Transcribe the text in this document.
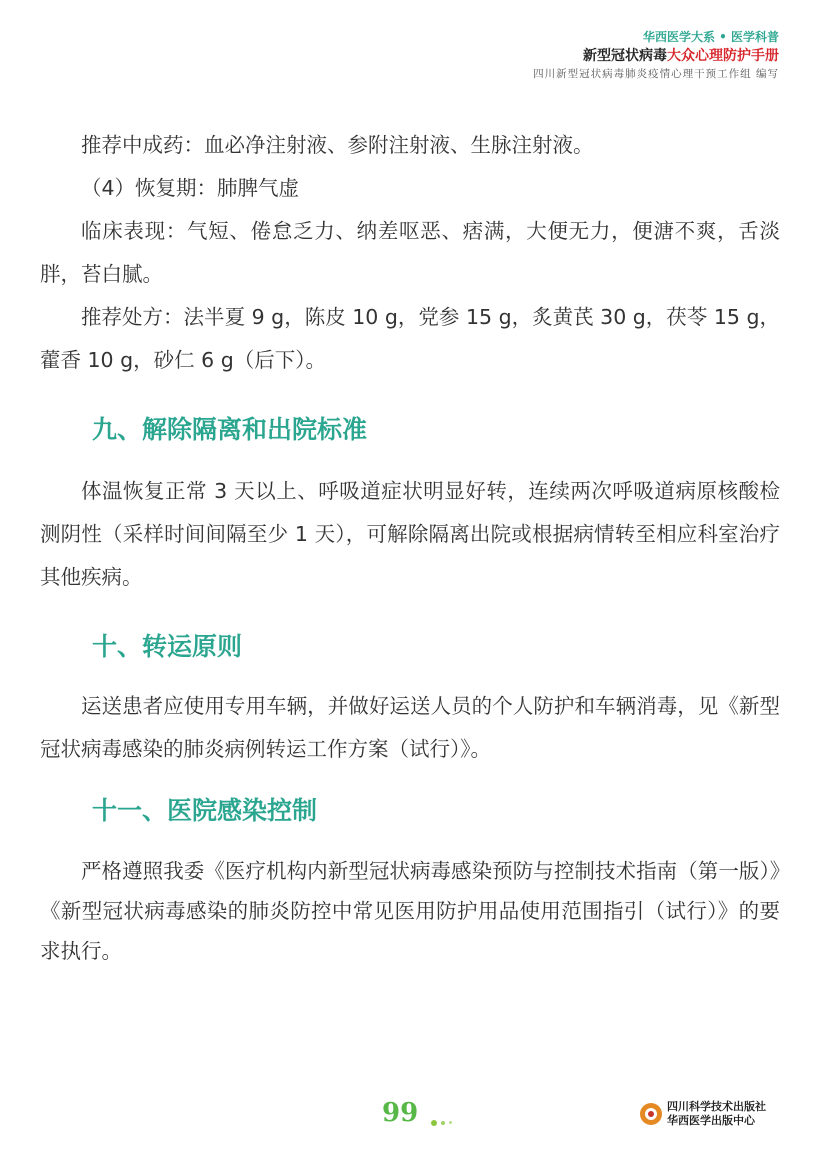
华西医学大系 • 医学科普
新型冠状病毒大众心理防护手册
四川新型冠状病毒肺炎疫情心理干预工作组 编写

推荐中成药：血必净注射液、参附注射液、生脉注射液。

（4）恢复期：肺脾气虚

临床表现：气短、倦怠乏力、纳差呕恶、痞满，大便无力，便溏不爽，舌淡胖，苔白腻。

推荐处方：法半夏 9 g，陈皮 10 g，党参 15 g，炙黄芪 30 g，茯苓 15 g，藿香 10 g，砂仁 6 g（后下）。

九、解除隔离和出院标准

体温恢复正常 3 天以上、呼吸道症状明显好转，连续两次呼吸道病原核酸检测阴性（采样时间间隔至少 1 天），可解除隔离出院或根据病情转至相应科室治疗其他疾病。

十、转运原则

运送患者应使用专用车辆，并做好运送人员的个人防护和车辆消毒，见《新型冠状病毒感染的肺炎病例转运工作方案（试行）》。

十一、医院感染控制

严格遵照我委《医疗机构内新型冠状病毒感染预防与控制技术指南（第一版）》《新型冠状病毒感染的肺炎防控中常见医用防护用品使用范围指引（试行）》的要求执行。

99	四川科学技术出版社
华西医学出版中心
